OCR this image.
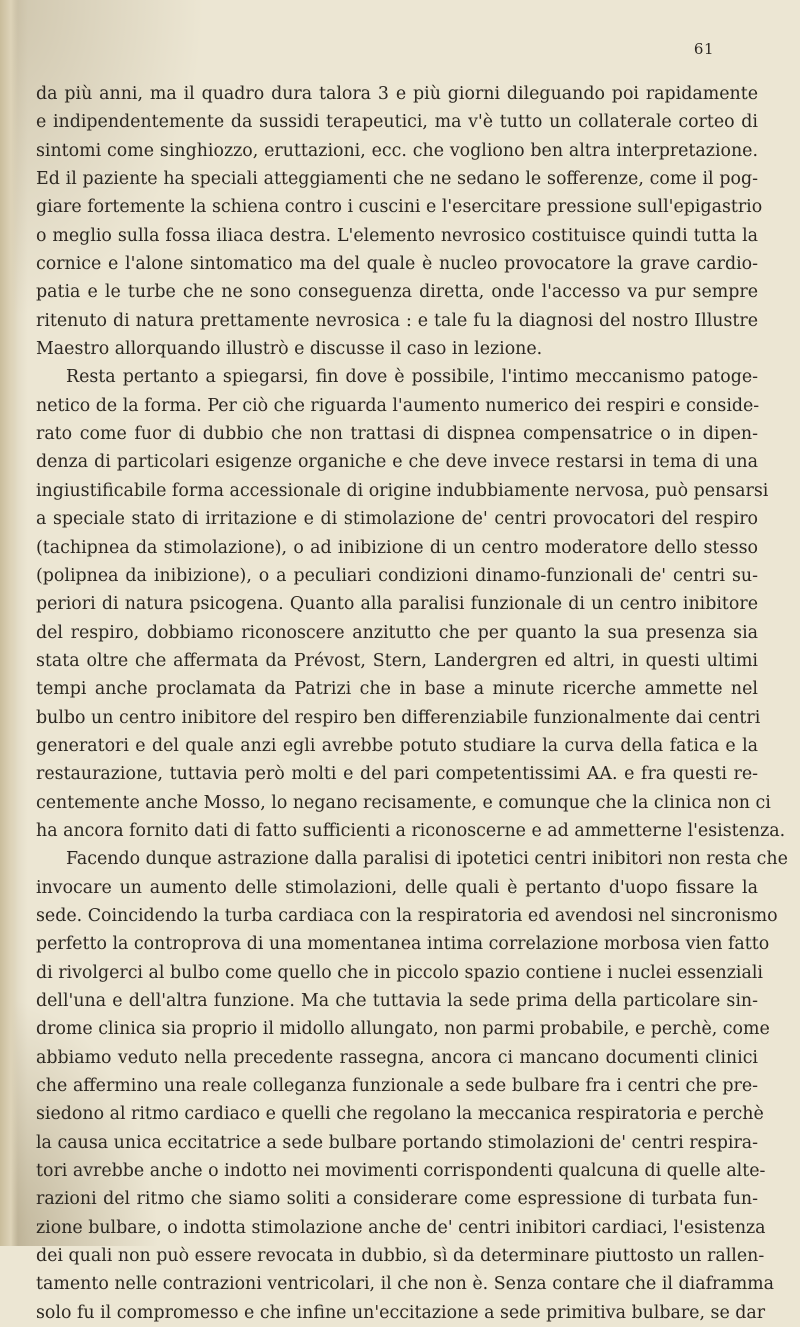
61
da più anni, ma il quadro dura talora 3 e più giorni dileguando poi rapidamente
e indipendentemente da sussidi terapeutici, ma v'è tutto un collaterale corteo di
sintomi come singhiozzo, eruttazioni, ecc. che vogliono ben altra interpretazione.
Ed il paziente ha speciali atteggiamenti che ne sedano le sofferenze, come il pog-
giare fortemente la schiena contro i cuscini e l'esercitare pressione sull'epigastrio
o meglio sulla fossa iliaca destra. L'elemento nevrosico costituisce quindi tutta la
cornice e l'alone sintomatico ma del quale è nucleo provocatore la grave cardio-
patia e le turbe che ne sono conseguenza diretta, onde l'accesso va pur sempre
ritenuto di natura prettamente nevrosica : e tale fu la diagnosi del nostro Illustre
Maestro allorquando illustrò e discusse il caso in lezione.
Resta pertanto a spiegarsi, fin dove è possibile, l'intimo meccanismo patoge-
netico de la forma. Per ciò che riguarda l'aumento numerico dei respiri e conside-
rato come fuor di dubbio che non trattasi di dispnea compensatrice o in dipen-
denza di particolari esigenze organiche e che deve invece restarsi in tema di una
ingiustificabile forma accessionale di origine indubbiamente nervosa, può pensarsi
a speciale stato di irritazione e di stimolazione de' centri provocatori del respiro
(tachipnea da stimolazione), o ad inibizione di un centro moderatore dello stesso
(polipnea da inibizione), o a peculiari condizioni dinamo-funzionali de' centri su-
periori di natura psicogena. Quanto alla paralisi funzionale di un centro inibitore
del respiro, dobbiamo riconoscere anzitutto che per quanto la sua presenza sia
stata oltre che affermata da Prévost, Stern, Landergren ed altri, in questi ultimi
tempi anche proclamata da Patrizi che in base a minute ricerche ammette nel
bulbo un centro inibitore del respiro ben differenziabile funzionalmente dai centri
generatori e del quale anzi egli avrebbe potuto studiare la curva della fatica e la
restaurazione, tuttavia però molti e del pari competentissimi AA. e fra questi re-
centemente anche Mosso, lo negano recisamente, e comunque che la clinica non ci
ha ancora fornito dati di fatto sufficienti a riconoscerne e ad ammetterne l'esistenza.
Facendo dunque astrazione dalla paralisi di ipotetici centri inibitori non resta che
invocare un aumento delle stimolazioni, delle quali è pertanto d'uopo fissare la
sede. Coincidendo la turba cardiaca con la respiratoria ed avendosi nel sincronismo
perfetto la controprova di una momentanea intima correlazione morbosa vien fatto
di rivolgerci al bulbo come quello che in piccolo spazio contiene i nuclei essenziali
dell'una e dell'altra funzione. Ma che tuttavia la sede prima della particolare sin-
drome clinica sia proprio il midollo allungato, non parmi probabile, e perchè, come
abbiamo veduto nella precedente rassegna, ancora ci mancano documenti clinici
che affermino una reale colleganza funzionale a sede bulbare fra i centri che pre-
siedono al ritmo cardiaco e quelli che regolano la meccanica respiratoria e perchè
la causa unica eccitatrice a sede bulbare portando stimolazioni de' centri respira-
tori avrebbe anche o indotto nei movimenti corrispondenti qualcuna di quelle alte-
razioni del ritmo che siamo soliti a considerare come espressione di turbata fun-
zione bulbare, o indotta stimolazione anche de' centri inibitori cardiaci, l'esistenza
dei quali non può essere revocata in dubbio, sì da determinare piuttosto un rallen-
tamento nelle contrazioni ventricolari, il che non è. Senza contare che il diaframma
solo fu il compromesso e che infine un'eccitazione a sede primitiva bulbare, se dar
